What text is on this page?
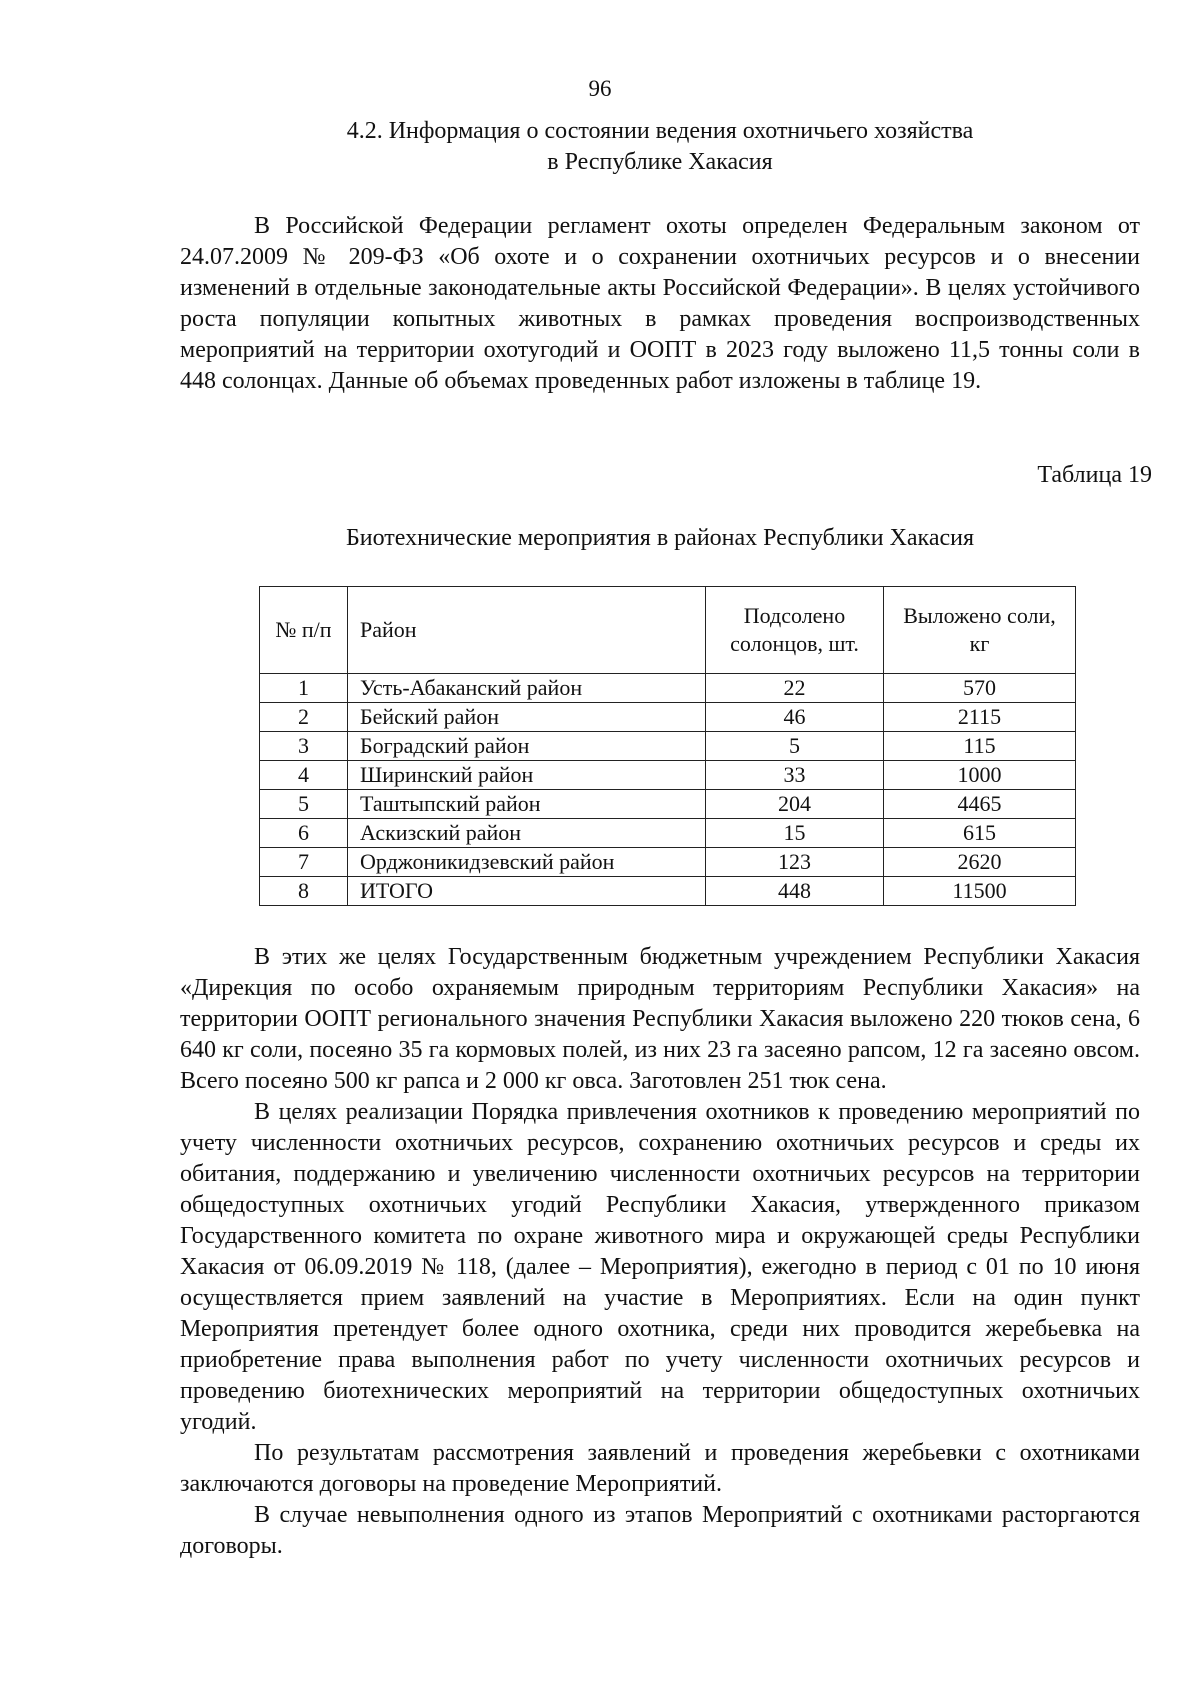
96
4.2. Информация о состоянии ведения охотничьего хозяйства
в Республике Хакасия

В Российской Федерации регламент охоты определен Федеральным законом от 24.07.2009 № 209-ФЗ «Об охоте и о сохранении охотничьих ресурсов и о внесении изменений в отдельные законодательные акты Российской Федерации». В целях устойчивого роста популяции копытных животных в рамках проведения воспроизводственных мероприятий на территории охотугодий и ООПТ в 2023 году выложено 11,5 тонны соли в 448 солонцах. Данные об объемах проведенных работ изложены в таблице 19.

Таблица 19
Биотехнические мероприятия в районах Республики Хакасия
№ п/п	Район	Подсолено солонцов, шт.	Выложено соли, кг
1	Усть-Абаканский район	22	570
2	Бейский район	46	2115
3	Боградский район	5	115
4	Ширинский район	33	1000
5	Таштыпский район	204	4465
6	Аскизский район	15	615
7	Орджоникидзевский район	123	2620
8	ИТОГО	448	11500

В этих же целях Государственным бюджетным учреждением Республики Хакасия «Дирекция по особо охраняемым природным территориям Республики Хакасия» на территории ООПТ регионального значения Республики Хакасия выложено 220 тюков сена, 6 640 кг соли, посеяно 35 га кормовых полей, из них 23 га засеяно рапсом, 12 га засеяно овсом. Всего посеяно 500 кг рапса и 2 000 кг овса. Заготовлен 251 тюк сена.

В целях реализации Порядка привлечения охотников к проведению мероприятий по учету численности охотничьих ресурсов, сохранению охотничьих ресурсов и среды их обитания, поддержанию и увеличению численности охотничьих ресурсов на территории общедоступных охотничьих угодий Республики Хакасия, утвержденного приказом Государственного комитета по охране животного мира и окружающей среды Республики Хакасия от 06.09.2019 № 118, (далее – Мероприятия), ежегодно в период с 01 по 10 июня осуществляется прием заявлений на участие в Мероприятиях. Если на один пункт Мероприятия претендует более одного охотника, среди них проводится жеребьевка на приобретение права выполнения работ по учету численности охотничьих ресурсов и проведению биотехнических мероприятий на территории общедоступных охотничьих угодий.

По результатам рассмотрения заявлений и проведения жеребьевки с охотниками заключаются договоры на проведение Мероприятий.

В случае невыполнения одного из этапов Мероприятий с охотниками расторгаются договоры.
